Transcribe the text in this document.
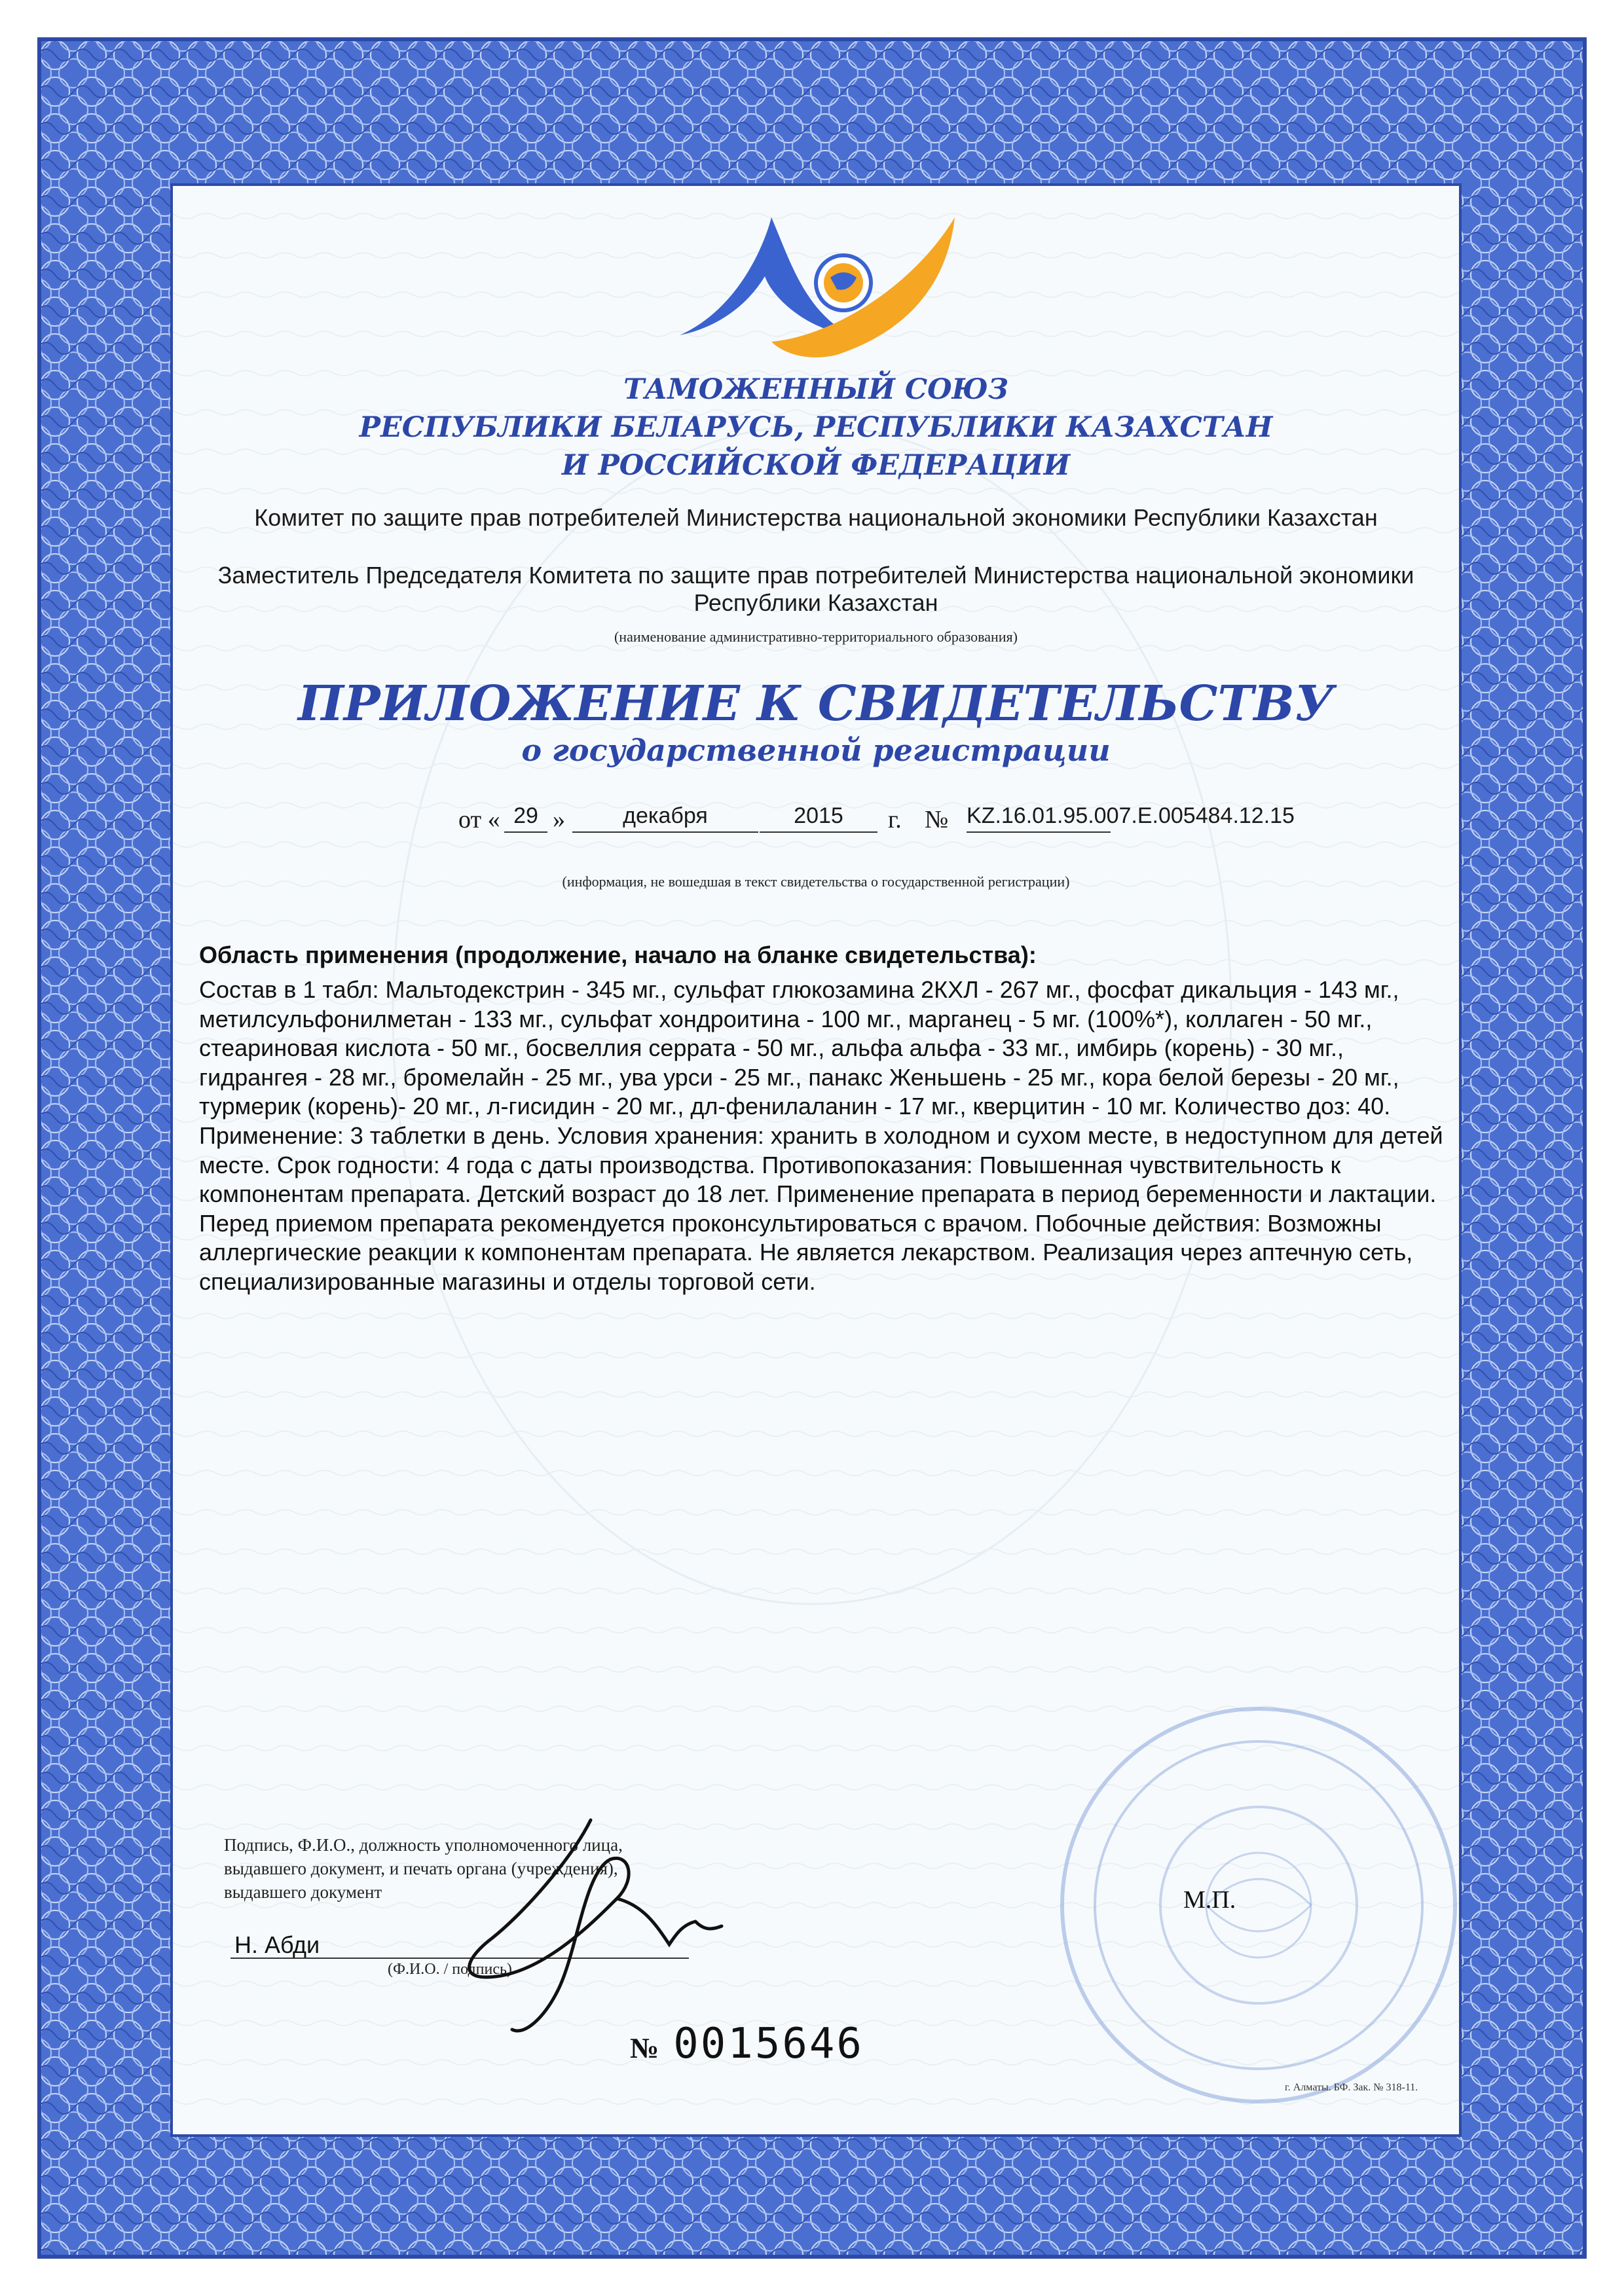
ТАМОЖЕННЫЙ СОЮЗ
РЕСПУБЛИКИ БЕЛАРУСЬ, РЕСПУБЛИКИ КАЗАХСТАН
И РОССИЙСКОЙ ФЕДЕРАЦИИ
Комитет по защите прав потребителей Министерства национальной экономики Республики Казахстан
Заместитель Председателя Комитета по защите прав потребителей Министерства национальной экономики Республики Казахстан
(наименование административно-территориального образования)
ПРИЛОЖЕНИЕ К СВИДЕТЕЛЬСТВУ
о государственной регистрации
от « 29 »	декабря	2015	г. № KZ.16.01.95.007.Е.005484.12.15
(информация, не вошедшая в текст свидетельства о государственной регистрации)
Область применения (продолжение, начало на бланке свидетельства):
Состав в 1 табл: Мальтодекстрин - 345 мг., сульфат глюкозамина 2КХЛ - 267 мг., фосфат дикальция - 143 мг., метилсульфонилметан - 133 мг., сульфат хондроитина - 100 мг., марганец - 5 мг. (100%*), коллаген - 50 мг., стеариновая кислота - 50 мг., босвеллия серрата - 50 мг., альфа альфа - 33 мг., имбирь (корень) - 30 мг., гидрангея - 28 мг., бромелайн - 25 мг., ува урси - 25 мг., панакс Женьшень - 25 мг., кора белой березы - 20 мг., турмерик (корень)- 20 мг., л-гисидин - 20 мг., дл-фенилаланин - 17 мг., кверцитин - 10 мг. Количество доз: 40. Применение: 3 таблетки в день. Условия хранения: хранить в холодном и сухом месте, в недоступном для детей месте. Срок годности: 4 года с даты производства. Противопоказания: Повышенная чувствительность к компонентам препарата. Детский возраст до 18 лет. Применение препарата в период беременности и лактации. Перед приемом препарата рекомендуется проконсультироваться с врачом. Побочные действия: Возможны аллергические реакции к компонентам препарата. Не является лекарством. Реализация через аптечную сеть, специализированные магазины и отделы торговой сети.
Подпись, Ф.И.О., должность уполномоченного лица,
выдавшего документ, и печать органа (учреждения),
выдавшего документ
Н. Абди
(Ф.И.О. / подпись)
М.П.
№ 0015646
г. Алматы. БФ. Зак. № 318-11.
